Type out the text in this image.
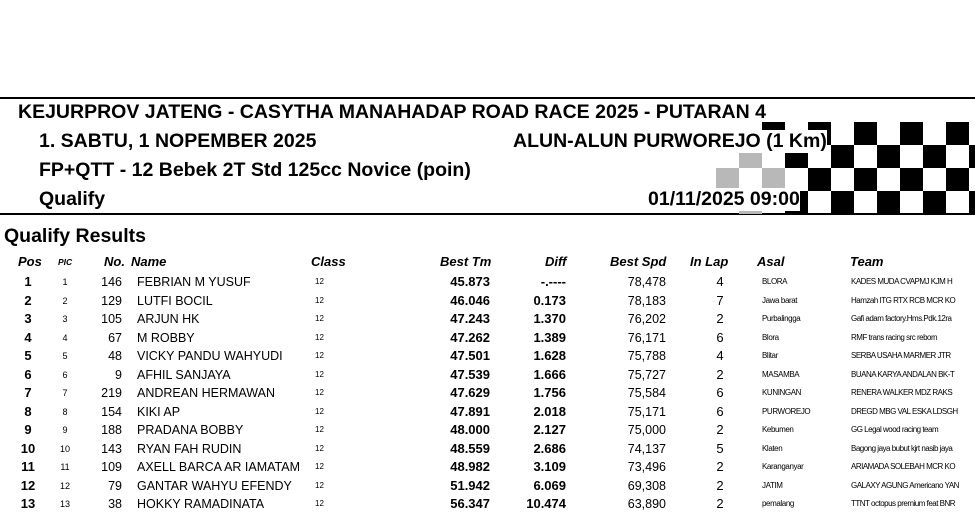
KEJURPROV JATENG - CASYTHA MANAHADAP ROAD RACE 2025 - PUTARAN 4
1. SABTU, 1 NOPEMBER 2025	ALUN-ALUN PURWOREJO (1 Km)
FP+QTT - 12 Bebek 2T Std 125cc Novice (poin)
Qualify	01/11/2025 09:00
Qualify Results
Pos PIC No. Name	Class	Best Tm	Diff	Best Spd In Lap Asal	Team
1	1	146 FEBRIAN M YUSUF	12	45.873	-.----	78,478	4	BLORA	KADES MUDA CVAPMJ KJM H
2	2	129 LUTFI BOCIL	12	46.046	0.173	78,183	7	Jawa barat	Hamzah ITG RTX RCB MCR KO
3	3	105 ARJUN HK	12	47.243	1.370	76,202	2	Purbalingga	Gafi adam factory.Hms.Pdk.12ra
4	4	67 M ROBBY	12	47.262	1.389	76,171	6	Blora	RMF trans racing src reborn
5	5	48 VICKY PANDU WAHYUDI	12	47.501	1.628	75,788	4	Blitar	SERBA USAHA MARMER JTR
6	6	9 AFHIL SANJAYA	12	47.539	1.666	75,727	2	MASAMBA	BUANA KARYA ANDALAN BK-T
7	7	219 ANDREAN HERMAWAN	12	47.629	1.756	75,584	6	KUNINGAN	RENERA WALKER MDZ RAKS
8	8	154 KIKI AP	12	47.891	2.018	75,171	6	PURWOREJO	DREGD MBG VAL ESKA LDSGH
9	9	188 PRADANA BOBBY	12	48.000	2.127	75,000	2	Kebumen	GG Legal wood racing team
10	10	143 RYAN FAH RUDIN	12	48.559	2.686	74,137	5	Klaten	Bagong jaya bubut kjrt nasib jaya
11	11	109 AXELL BARCA AR IAMATAM 12	48.982	3.109	73,496	2	Karanganyar	ARIAMADA SOLEBAH MCR KO
12	12	79 GANTAR WAHYU EFENDY	12	51.942	6.069	69,308	2	JATIM	GALAXY AGUNG Americano YAN
13	13	38 HOKKY RAMADINATA	12	56.347	10.474	63,890	2	pemalang	TTNT octopus premium feat BNR
